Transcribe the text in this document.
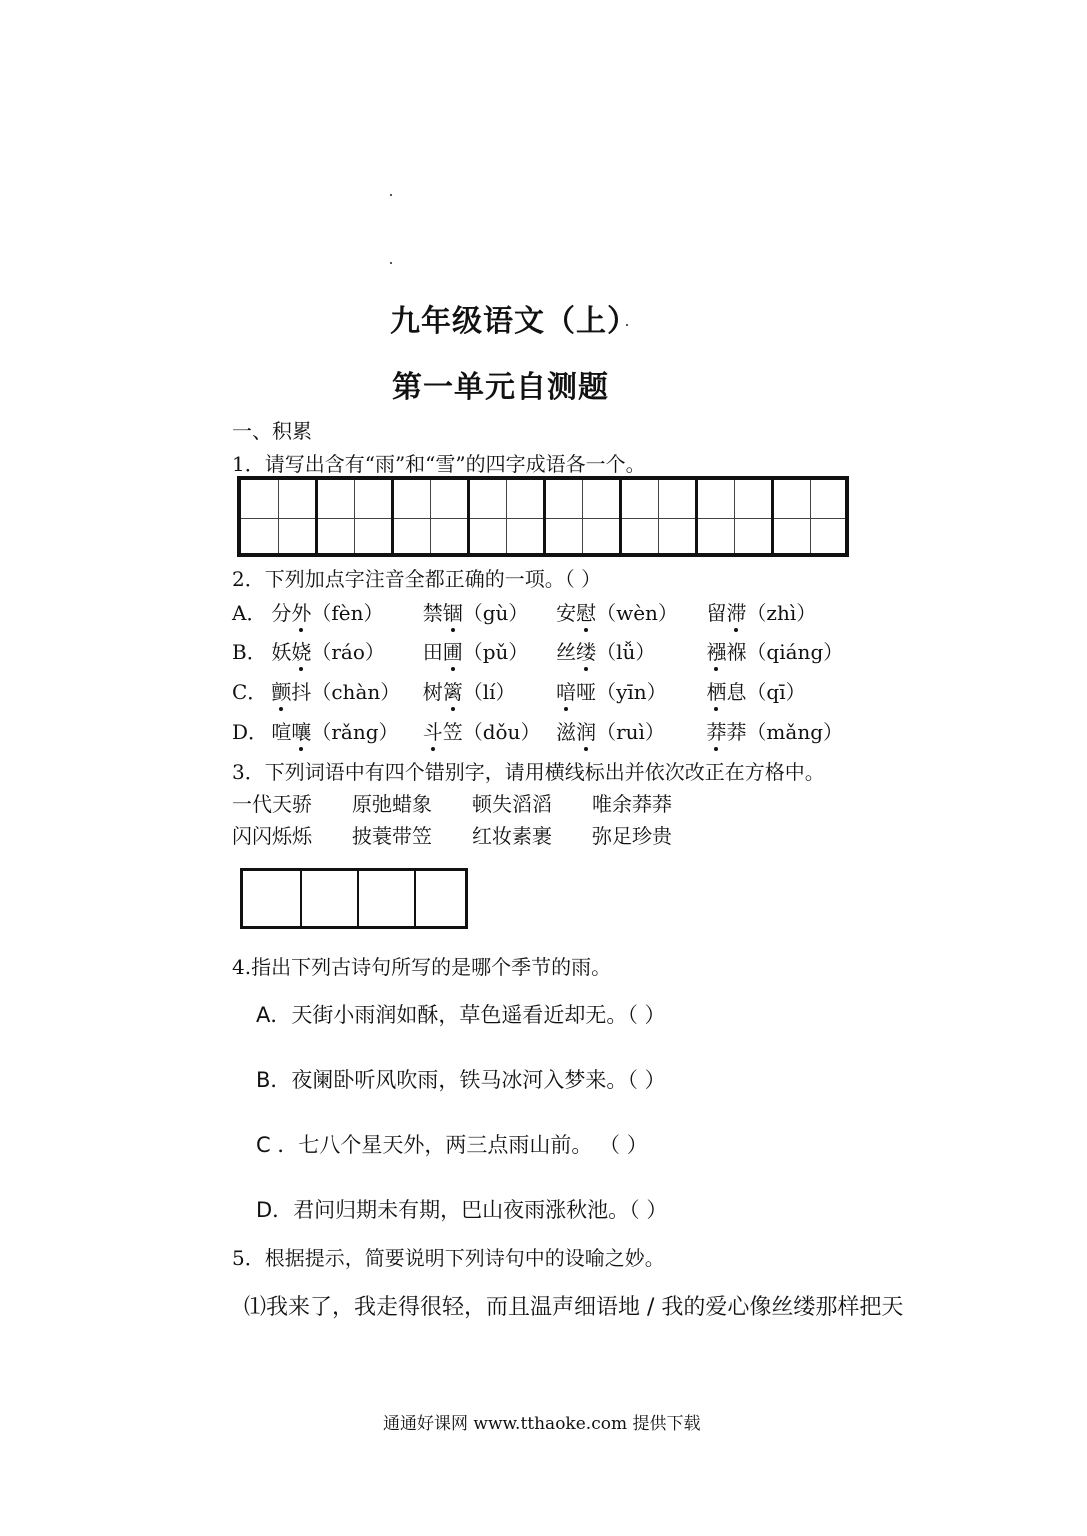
九年级语文（上）
第一单元自测题
一、积累
1．请写出含有“雨”和“雪”的四字成语各一个。
2．下列加点字注音全都正确的一项。（ ）
A． 分外（fèn） 禁锢（gù） 安慰（wèn） 留滞（zhì）
B． 妖娆（ráo） 田圃（pǔ） 丝缕（lǚ）	襁褓（qiáng）
C． 颤抖（chàn） 树篱（lí） 喑哑（yīn） 栖息（qī）
D． 喧嚷（rǎng） 斗笠（dǒu） 滋润（ruì） 莽莽（mǎng）
3．下列词语中有四个错别字，请用横线标出并依次改正在方格中。
一代天骄 原弛蜡象 顿失滔滔 唯余莽莽
闪闪烁烁 披蓑带笠 红妆素裹 弥足珍贵
4.指出下列古诗句所写的是哪个季节的雨。
A．天街小雨润如酥，草色遥看近却无。（ ）
B．夜阑卧听风吹雨，铁马冰河入梦来。（ ）
C ．七八个星天外，两三点雨山前。 （ ）
D．君问归期未有期，巴山夜雨涨秋池。（ ）
5．根据提示，简要说明下列诗句中的设喻之妙。
⑴我来了，我走得很轻，而且温声细语地 / 我的爱心像丝缕那样把天
通通好课网 www.tthaoke.com 提供下载
